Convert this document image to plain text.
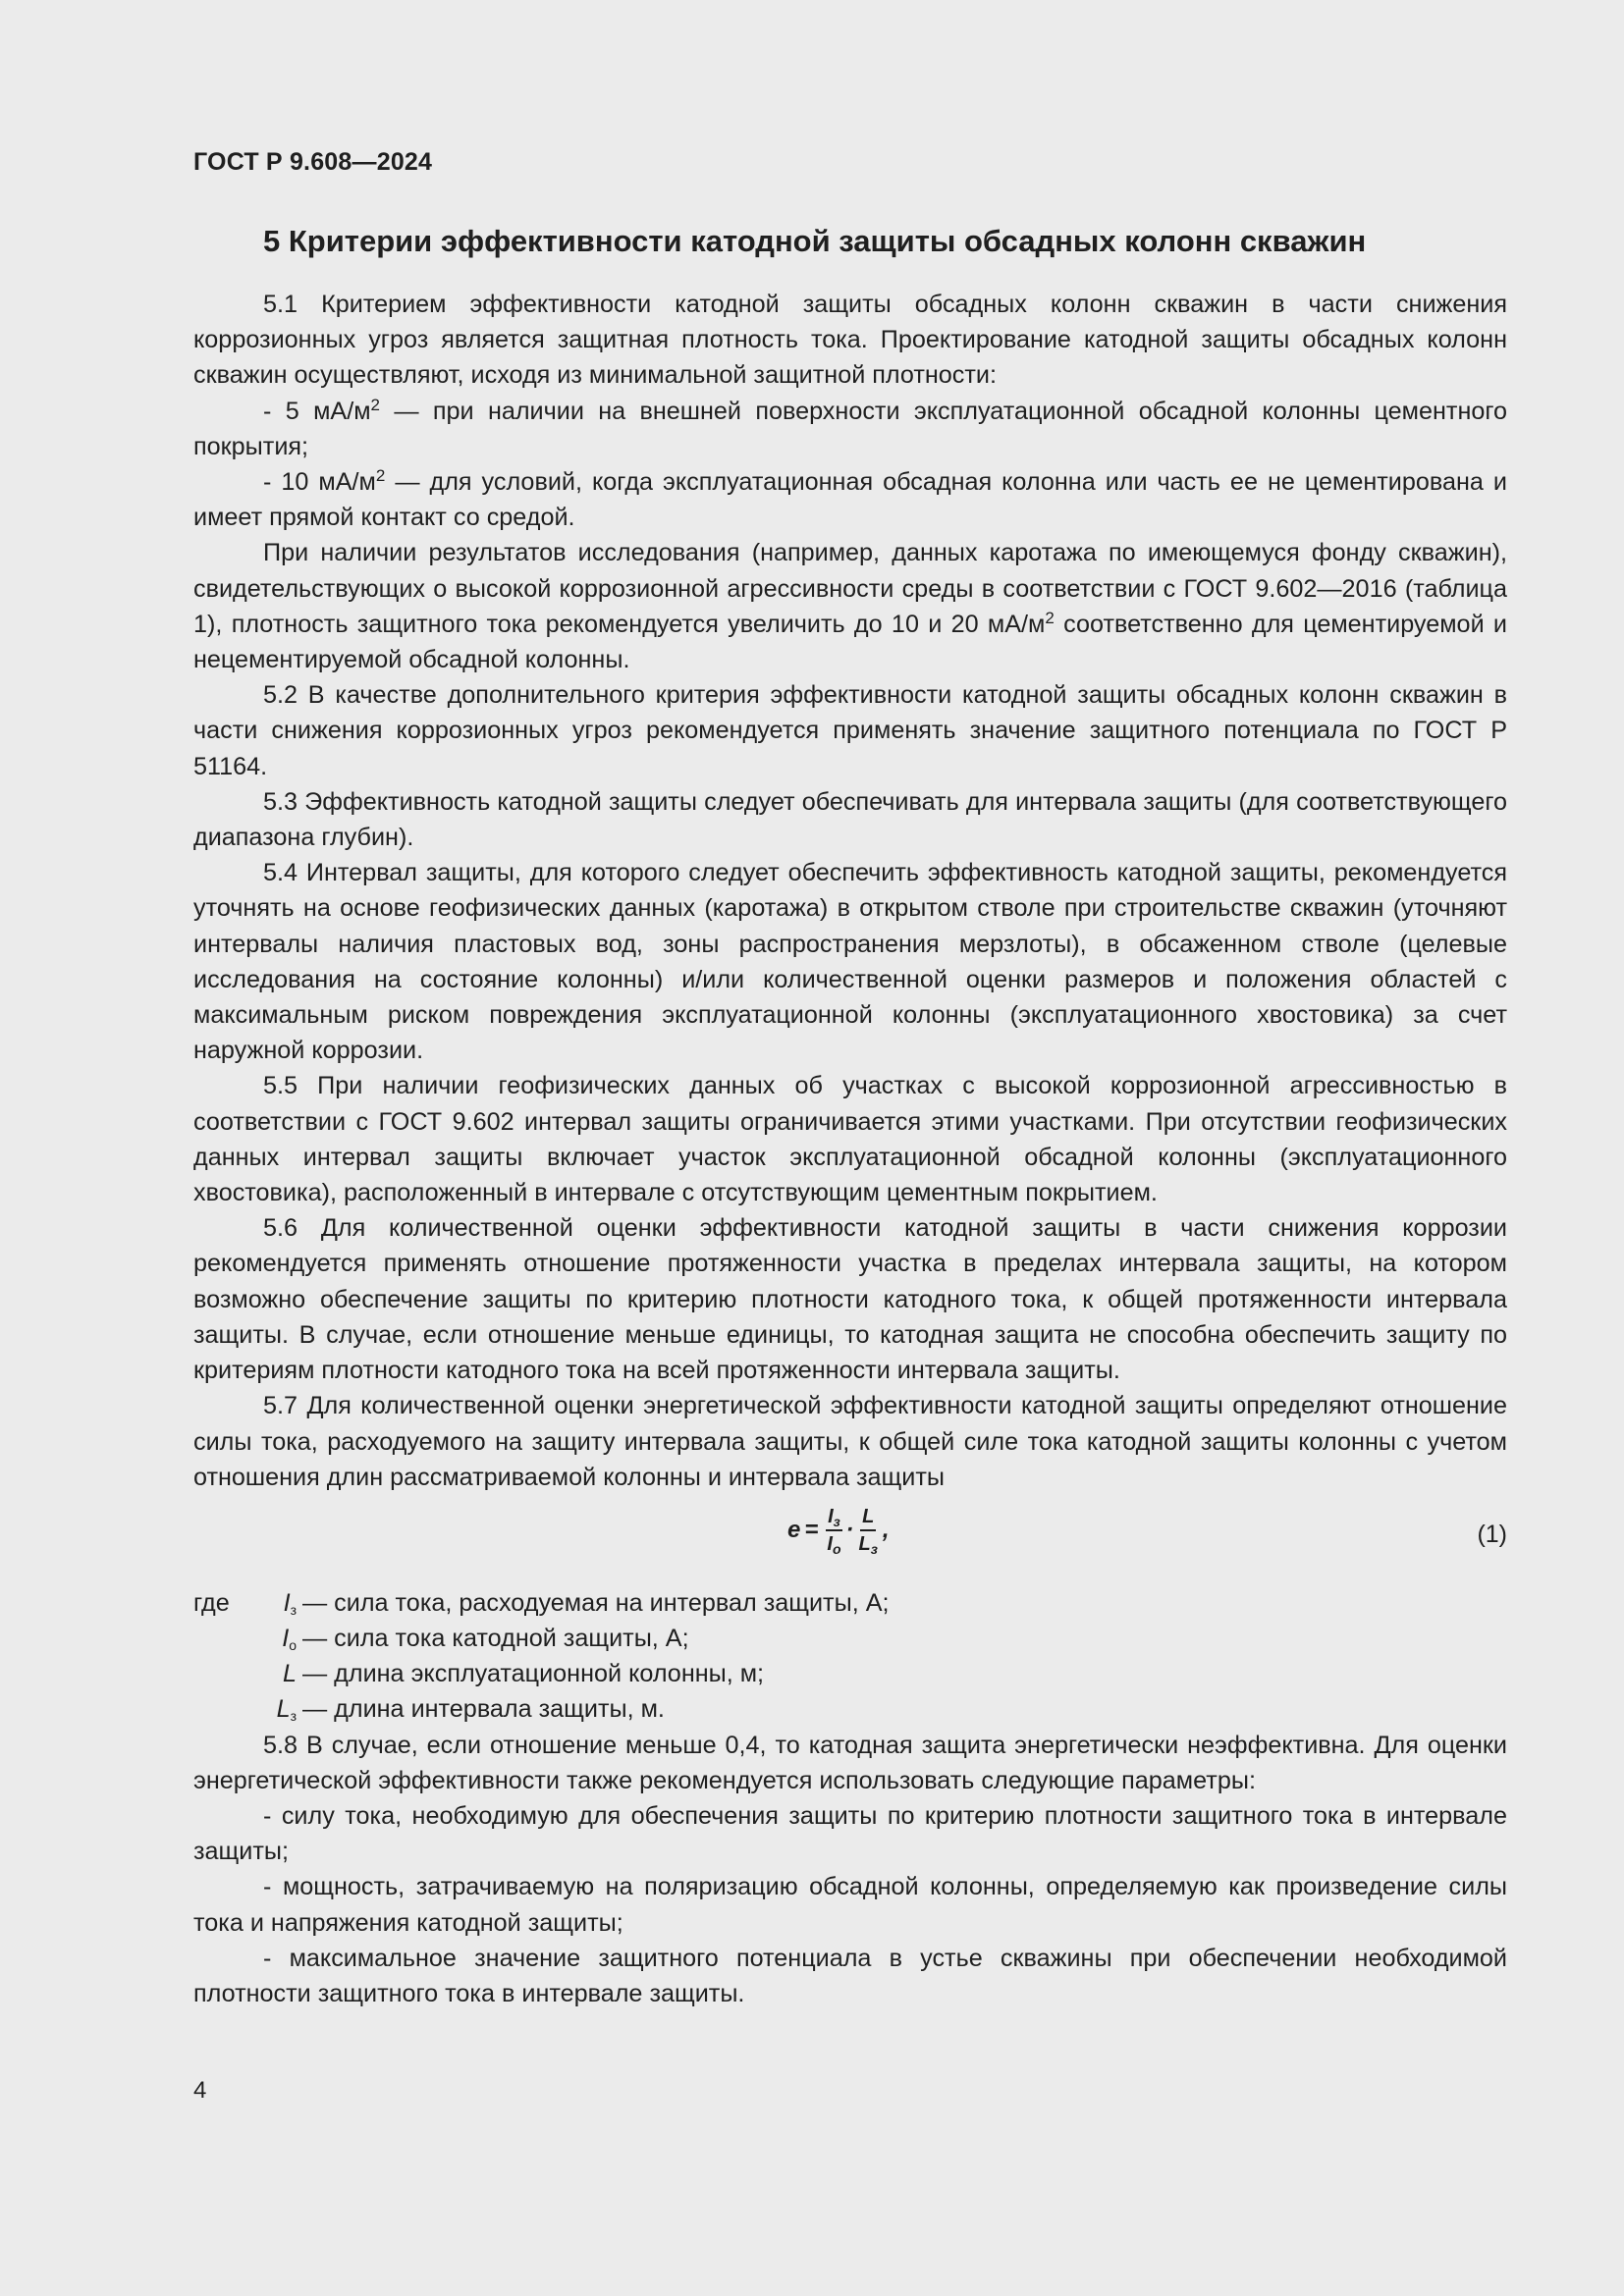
ГОСТ Р 9.608—2024
5 Критерии эффективности катодной защиты обсадных колонн скважин

5.1 Критерием эффективности катодной защиты обсадных колонн скважин в части снижения коррозионных угроз является защитная плотность тока. Проектирование катодной защиты обсадных колонн скважин осуществляют, исходя из минимальной защитной плотности:

- 5 $мА/м^2$ — при наличии на внешней поверхности эксплуатационной обсадной колонны цементного покрытия;

- 10 $мА/м^2$ — для условий, когда эксплуатационная обсадная колонна или часть ее не цементирована и имеет прямой контакт со средой.

При наличии результатов исследования (например, данных каротажа по имеющемуся фонду скважин), свидетельствующих о высокой коррозионной агрессивности среды в соответствии с ГОСТ 9.602—2016 (таблица 1), плотность защитного тока рекомендуется увеличить до 10 и 20 $мА/м^2$ соответственно для цементируемой и нецементируемой обсадной колонны.

5.2 В качестве дополнительного критерия эффективности катодной защиты обсадных колонн скважин в части снижения коррозионных угроз рекомендуется применять значение защитного потенциала по ГОСТ Р 51164.

5.3 Эффективность катодной защиты следует обеспечивать для интервала защиты (для соответствующего диапазона глубин).

5.4 Интервал защиты, для которого следует обеспечить эффективность катодной защиты, рекомендуется уточнять на основе геофизических данных (каротажа) в открытом стволе при строительстве скважин (уточняют интервалы наличия пластовых вод, зоны распространения мерзлоты), в обсаженном стволе (целевые исследования на состояние колонны) и/или количественной оценки размеров и положения областей с максимальным риском повреждения эксплуатационной колонны (эксплуатационного хвостовика) за счет наружной коррозии.

5.5 При наличии геофизических данных об участках с высокой коррозионной агрессивностью в соответствии с ГОСТ 9.602 интервал защиты ограничивается этими участками. При отсутствии геофизических данных интервал защиты включает участок эксплуатационной обсадной колонны (эксплуатационного хвостовика), расположенный в интервале с отсутствующим цементным покрытием.

5.6 Для количественной оценки эффективности катодной защиты в части снижения коррозии рекомендуется применять отношение протяженности участка в пределах интервала защиты, на котором возможно обеспечение защиты по критерию плотности катодного тока, к общей протяженности интервала защиты. В случае, если отношение меньше единицы, то катодная защита не способна обеспечить защиту по критериям плотности катодного тока на всей протяженности интервала защиты.

5.7 Для количественной оценки энергетической эффективности катодной защиты определяют отношение силы тока, расходуемого на защиту интервала защиты, к общей силе тока катодной защиты колонны с учетом отношения длин рассматриваемой колонны и интервала защиты

$e = \frac{I_з}{I_о} \cdot \frac{L}{L_з}$ ,	(1)
где	$I_з$ — сила тока, расходуемая на интервал защиты, А;
$I_о$ — сила тока катодной защиты, А;
L — длина эксплуатационной колонны, м;
$L_з$ — длина интервала защиты, м.

5.8 В случае, если отношение меньше 0,4, то катодная защита энергетически неэффективна. Для оценки энергетической эффективности также рекомендуется использовать следующие параметры:

- силу тока, необходимую для обеспечения защиты по критерию плотности защитного тока в интервале защиты;

- мощность, затрачиваемую на поляризацию обсадной колонны, определяемую как произведение силы тока и напряжения катодной защиты;

- максимальное значение защитного потенциала в устье скважины при обеспечении необходимой плотности защитного тока в интервале защиты.

4
